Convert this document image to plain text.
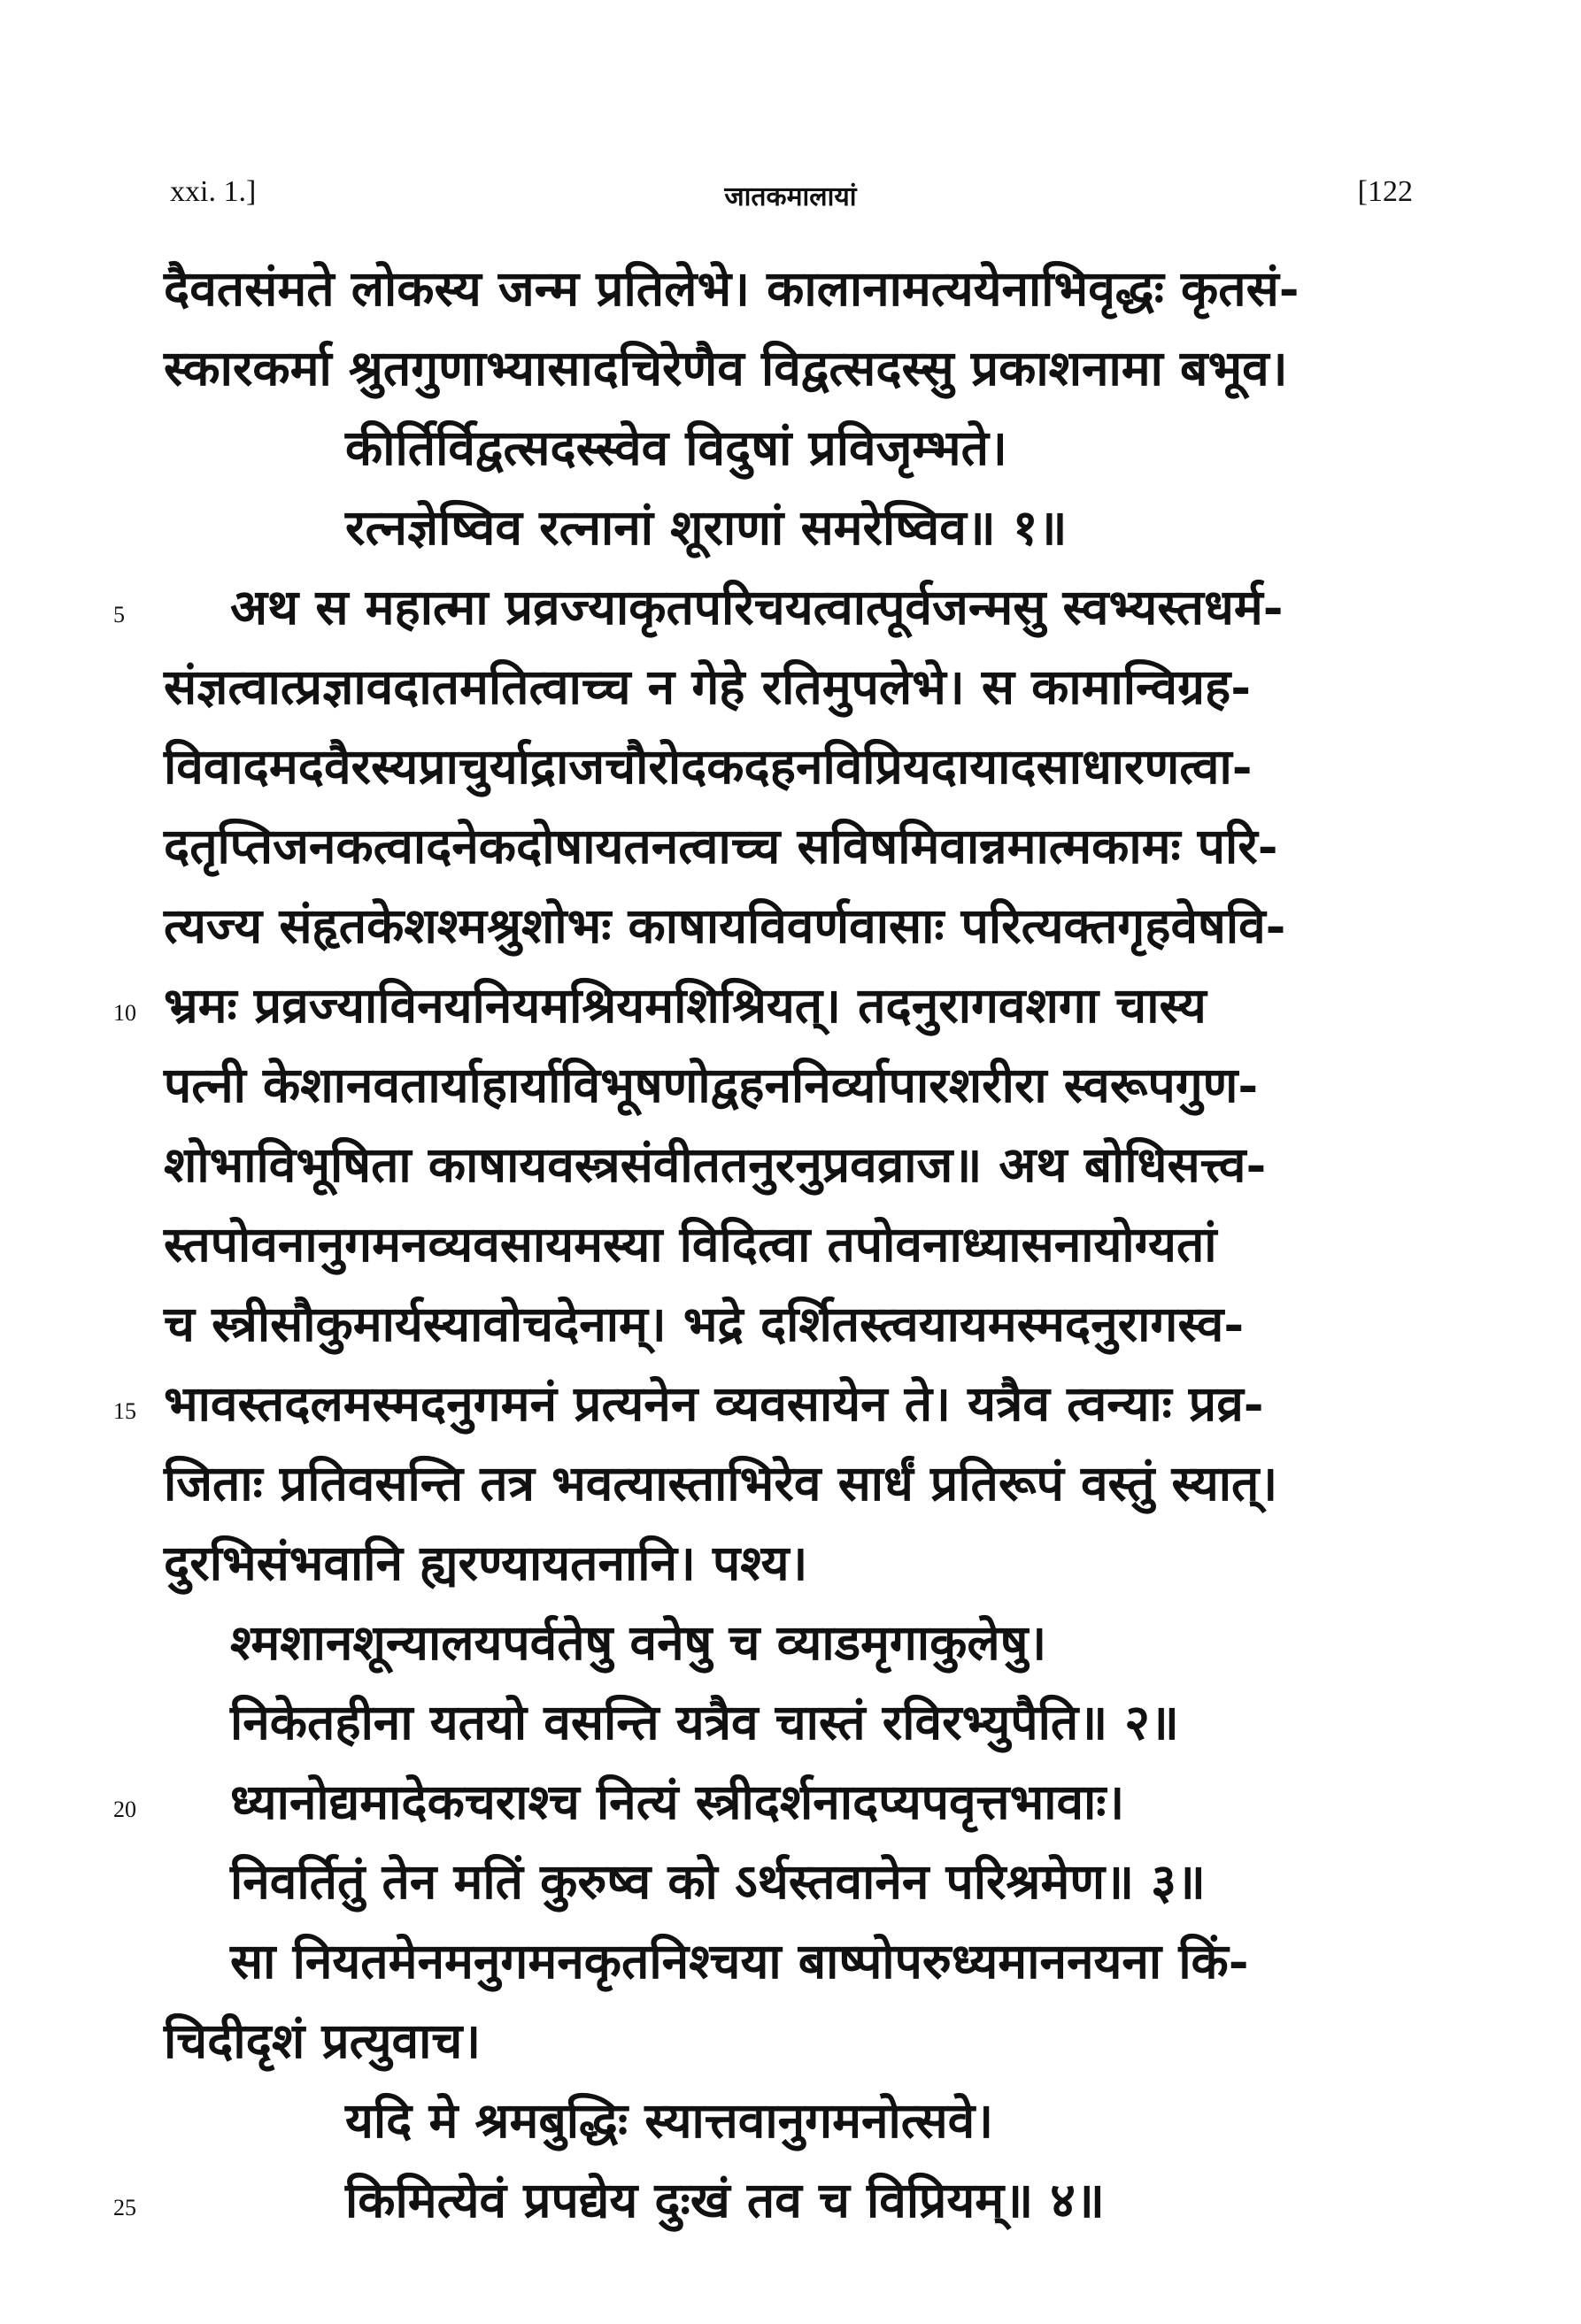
xxi. 1.]	जातकमालायां	[122
दैवतसंमते लोकस्य जन्म प्रतिलेभे। कालानामत्ययेनाभिवृद्धः कृतसं-
स्कारकर्मा श्रुतगुणाभ्यासादचिरेणैव विद्वत्सदस्सु प्रकाशनामा बभूव।
कीर्तिर्विद्वत्सदस्स्वेव विदुषां प्रविजृम्भते।
रत्नज्ञेष्विव रत्नानां शूराणां समरेष्विव॥ १॥
अथ स महात्मा प्रव्रज्याकृतपरिचयत्वात्पूर्वजन्मसु स्वभ्यस्तधर्म-
संज्ञत्वात्प्रज्ञावदातमतित्वाच्च न गेहे रतिमुपलेभे। स कामान्विग्रह-
विवादमदवैरस्यप्राचुर्याद्राजचौरोदकदहनविप्रियदायादसाधारणत्वा-
दतृप्तिजनकत्वादनेकदोषायतनत्वाच्च सविषमिवान्नमात्मकामः परि-
त्यज्य संहृतकेशश्मश्रुशोभः काषायविवर्णवासाः परित्यक्तगृहवेषवि-
भ्रमः प्रव्रज्याविनयनियमश्रियमशिश्रियत्। तदनुरागवशगा चास्य
पत्नी केशानवतार्याहार्याविभूषणोद्वहननिर्व्यापारशरीरा स्वरूपगुण-
शोभाविभूषिता काषायवस्त्रसंवीततनुरनुप्रवव्राज॥ अथ बोधिसत्त्व-
स्तपोवनानुगमनव्यवसायमस्या विदित्वा तपोवनाध्यासनायोग्यतां
च स्त्रीसौकुमार्यस्यावोचदेनाम्। भद्रे दर्शितस्त्वयायमस्मदनुरागस्व-
भावस्तदलमस्मदनुगमनं प्रत्यनेन व्यवसायेन ते। यत्रैव त्वन्याः प्रव्र-
जिताः प्रतिवसन्ति तत्र भवत्यास्ताभिरेव सार्धं प्रतिरूपं वस्तुं स्यात्।
दुरभिसंभवानि ह्यरण्यायतनानि। पश्य।
श्मशानशून्यालयपर्वतेषु वनेषु च व्याडमृगाकुलेषु।
निकेतहीना यतयो वसन्ति यत्रैव चास्तं रविरभ्युपैति॥ २॥
ध्यानोद्यमादेकचराश्च नित्यं स्त्रीदर्शनादप्यपवृत्तभावाः।
निवर्तितुं तेन मतिं कुरुष्व को ऽर्थस्तवानेन परिश्रमेण॥ ३॥
सा नियतमेनमनुगमनकृतनिश्चया बाष्पोपरुध्यमाननयना किं-
चिदीदृशं प्रत्युवाच।
यदि मे श्रमबुद्धिः स्यात्तवानुगमनोत्सवे।
किमित्येवं प्रपद्येय दुःखं तव च विप्रियम्॥ ४॥
5
10
15
20
25
